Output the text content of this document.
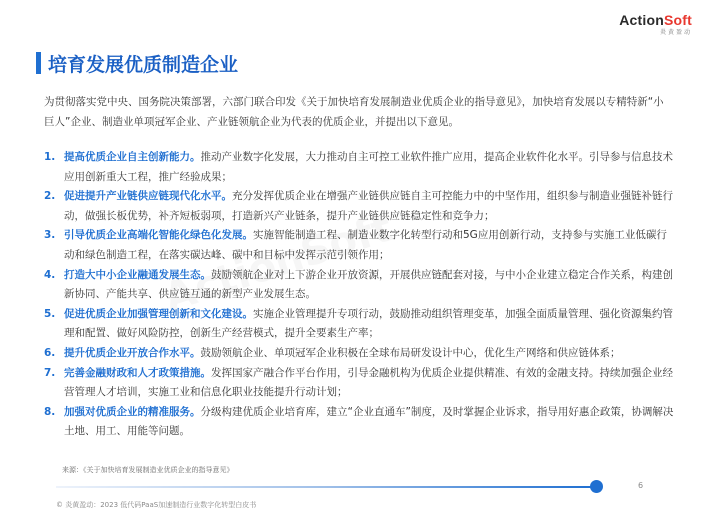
ActionSoft
炎黄盈动
培育发展优质制造企业
为贯彻落实党中央、国务院决策部署，六部门联合印发《关于加快培育发展制造业优质企业的指导意见》，加快培育发展以专精特新“小巨人”企业、制造业单项冠军企业、产业链领航企业为代表的优质企业，并提出以下意见。
1. 提高优质企业自主创新能力。推动产业数字化发展，大力推动自主可控工业软件推广应用，提高企业软件化水平。引导参与信息技术应用创新重大工程，推广经验成果；
2. 促进提升产业链供应链现代化水平。充分发挥优质企业在增强产业链供应链自主可控能力中的中坚作用，组织参与制造业强链补链行动，做强长板优势，补齐短板弱项，打造新兴产业链条，提升产业链供应链稳定性和竞争力；
3. 引导优质企业高端化智能化绿色化发展。实施智能制造工程、制造业数字化转型行动和5G应用创新行动，支持参与实施工业低碳行动和绿色制造工程，在落实碳达峰、碳中和目标中发挥示范引领作用；
4. 打造大中小企业融通发展生态。鼓励领航企业对上下游企业开放资源，开展供应链配套对接，与中小企业建立稳定合作关系，构建创新协同、产能共享、供应链互通的新型产业发展生态。
5. 促进优质企业加强管理创新和文化建设。实施企业管理提升专项行动，鼓励推动组织管理变革，加强全面质量管理、强化资源集约管理和配置、做好风险防控，创新生产经营模式，提升全要素生产率；
6. 提升优质企业开放合作水平。鼓励领航企业、单项冠军企业积极在全球布局研发设计中心，优化生产网络和供应链体系；
7. 完善金融财政和人才政策措施。发挥国家产融合作平台作用，引导金融机构为优质企业提供精准、有效的金融支持。持续加强企业经营管理人才培训，实施工业和信息化职业技能提升行动计划；
8. 加强对优质企业的精准服务。分级构建优质企业培育库，建立“企业直通车”制度，及时掌握企业诉求，指导用好惠企政策，协调解决土地、用工、用能等问题。
来源：《关于加快培育发展制造业优质企业的指导意见》
6
© 炎黄盈动：2023 低代码PaaS加速制造行业数字化转型白皮书
